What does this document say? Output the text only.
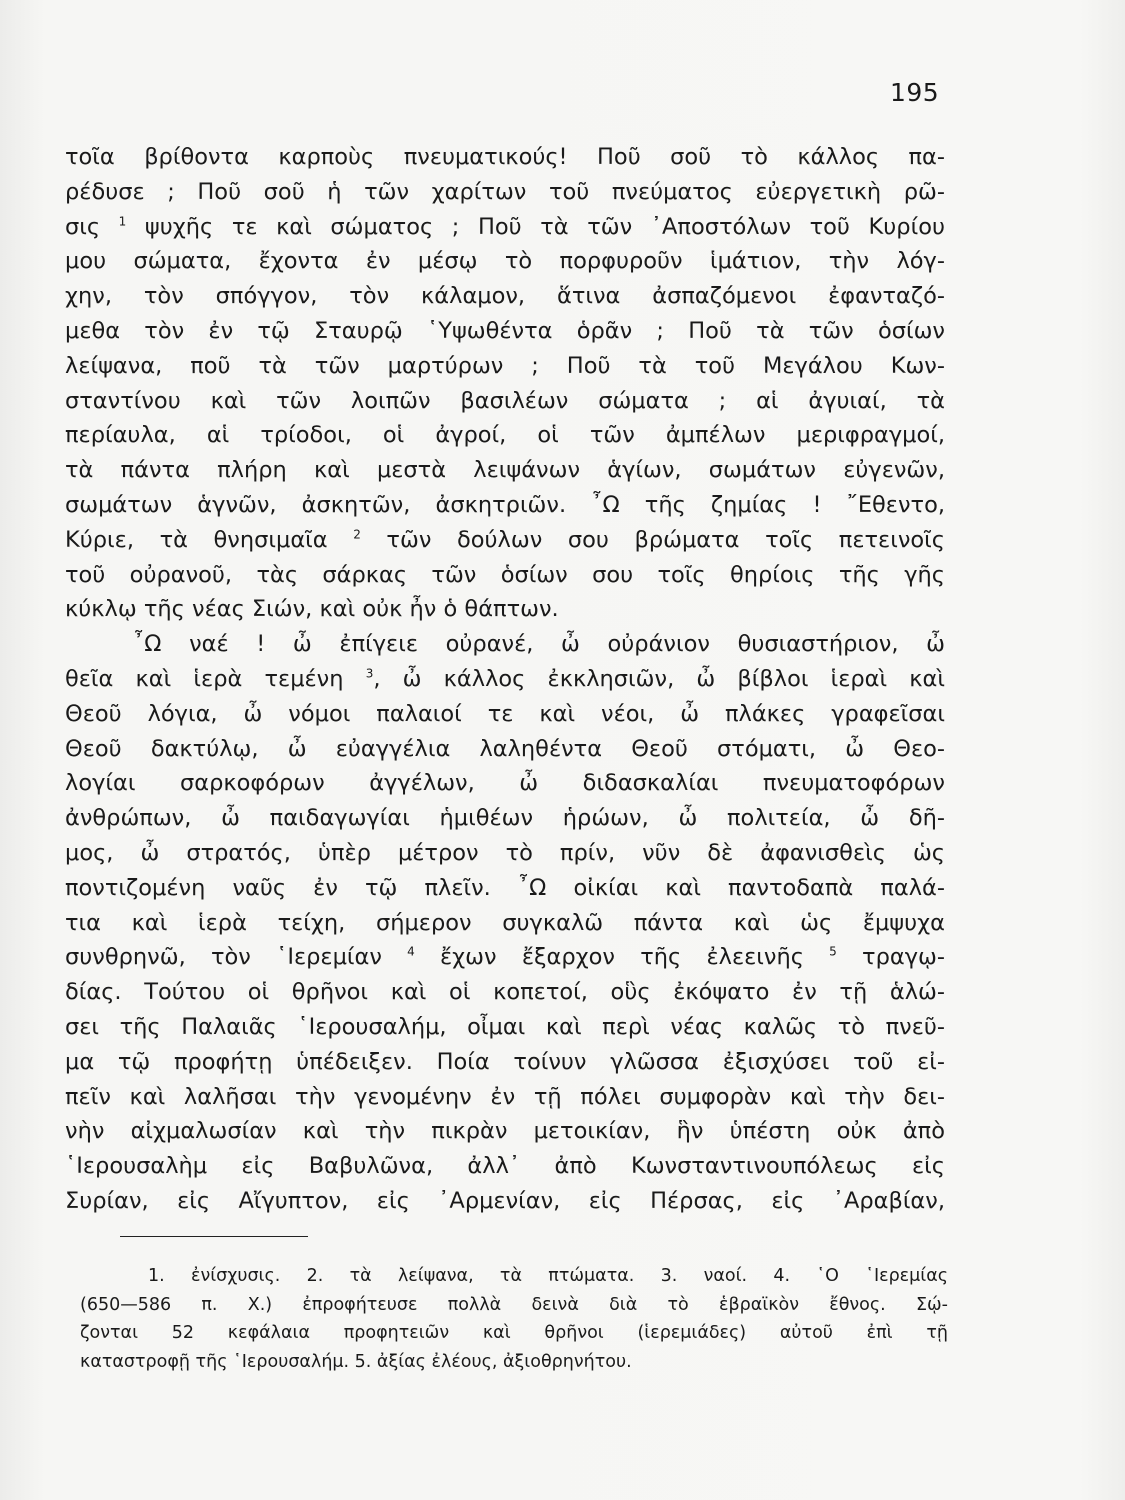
195
τοῖα βρίθοντα καρποὺς πνευματικούς! Ποῦ σοῦ τὸ κάλλος πα-
ρέδυσε ; Ποῦ σοῦ ἡ τῶν χαρίτων τοῦ πνεύματος εὐεργετικὴ ρῶ-
σις $^1$ ψυχῆς τε καὶ σώματος ; Ποῦ τὰ τῶν ᾿Αποστόλων τοῦ Κυρίου
μου σώματα, ἔχοντα ἐν μέσῳ τὸ πορφυροῦν ἱμάτιον, τὴν λόγ-
χην, τὸν σπόγγον, τὸν κάλαμον, ἅτινα ἀσπαζόμενοι ἐφανταζό-
μεθα τὸν ἐν τῷ Σταυρῷ ῾Υψωθέντα ὁρᾶν ; Ποῦ τὰ τῶν ὁσίων
λείψανα, ποῦ τὰ τῶν μαρτύρων ; Ποῦ τὰ τοῦ Μεγάλου Κων-
σταντίνου καὶ τῶν λοιπῶν βασιλέων σώματα ; αἱ ἀγυιαί, τὰ
περίαυλα, αἱ τρίοδοι, οἱ ἀγροί, οἱ τῶν ἀμπέλων μεριφραγμοί,
τὰ πάντα πλήρη καὶ μεστὰ λειψάνων ἁγίων, σωμάτων εὐγενῶν,
σωμάτων ἁγνῶν, ἀσκητῶν, ἀσκητριῶν. ῏Ω τῆς ζημίας ! ῎Εθεντο,
Κύριε, τὰ θνησιμαῖα $^2$ τῶν δούλων σου βρώματα τοῖς πετεινοῖς
τοῦ οὐρανοῦ, τὰς σάρκας τῶν ὁσίων σου τοῖς θηρίοις τῆς γῆς
κύκλῳ τῆς νέας Σιών, καὶ οὐκ ἦν ὁ θάπτων.
῏Ω ναέ ! ὦ ἐπίγειε οὐρανέ, ὦ οὐράνιον θυσιαστήριον, ὦ
θεῖα καὶ ἱερὰ τεμένη $^3$, ὦ κάλλος ἐκκλησιῶν, ὦ βίβλοι ἱεραὶ καὶ
Θεοῦ λόγια, ὦ νόμοι παλαιοί τε καὶ νέοι, ὦ πλάκες γραφεῖσαι
Θεοῦ δακτύλῳ, ὦ εὐαγγέλια λαληθέντα Θεοῦ στόματι, ὦ Θεο-
λογίαι σαρκοφόρων ἀγγέλων, ὦ διδασκαλίαι πνευματοφόρων
ἀνθρώπων, ὦ παιδαγωγίαι ἡμιθέων ἡρώων, ὦ πολιτεία, ὦ δῆ-
μος, ὦ στρατός, ὑπὲρ μέτρον τὸ πρίν, νῦν δὲ ἀφανισθεὶς ὡς
ποντιζομένη ναῦς ἐν τῷ πλεῖν. ῏Ω οἰκίαι καὶ παντοδαπὰ παλά-
τια καὶ ἱερὰ τείχη, σήμερον συγκαλῶ πάντα καὶ ὡς ἔμψυχα
συνθρηνῶ, τὸν ῾Ιερεμίαν $^4$ ἔχων ἔξαρχον τῆς ἐλεεινῆς $^5$ τραγῳ-
δίας. Τούτου οἱ θρῆνοι καὶ οἱ κοπετοί, οὓς ἐκόψατο ἐν τῇ ἁλώ-
σει τῆς Παλαιᾶς ῾Ιερουσαλήμ, οἶμαι καὶ περὶ νέας καλῶς τὸ πνεῦ-
μα τῷ προφήτῃ ὑπέδειξεν. Ποία τοίνυν γλῶσσα ἐξισχύσει τοῦ εἰ-
πεῖν καὶ λαλῆσαι τὴν γενομένην ἐν τῇ πόλει συμφορὰν καὶ τὴν δει-
νὴν αἰχμαλωσίαν καὶ τὴν πικρὰν μετοικίαν, ἣν ὑπέστη οὐκ ἀπὸ
῾Ιερουσαλὴμ εἰς Βαβυλῶνα, ἀλλ᾿ ἀπὸ Κωνσταντινουπόλεως εἰς
Συρίαν, εἰς Αἴγυπτον, εἰς ᾿Αρμενίαν, εἰς Πέρσας, εἰς ᾿Αραβίαν,
1. ἐνίσχυσις. 2. τὰ λείψανα, τὰ πτώματα. 3. ναοί. 4. ῾Ο ῾Ιερεμίας
(650—586 π. Χ.) ἐπροφήτευσε πολλὰ δεινὰ διὰ τὸ ἑβραϊκὸν ἔθνος. Σῴ-
ζονται 52 κεφάλαια προφητειῶν καὶ θρῆνοι (ἱερεμιάδες) αὐτοῦ ἐπὶ τῇ
καταστροφῇ τῆς ῾Ιερουσαλήμ. 5. ἀξίας ἐλέους, ἀξιοθρηνήτου.
